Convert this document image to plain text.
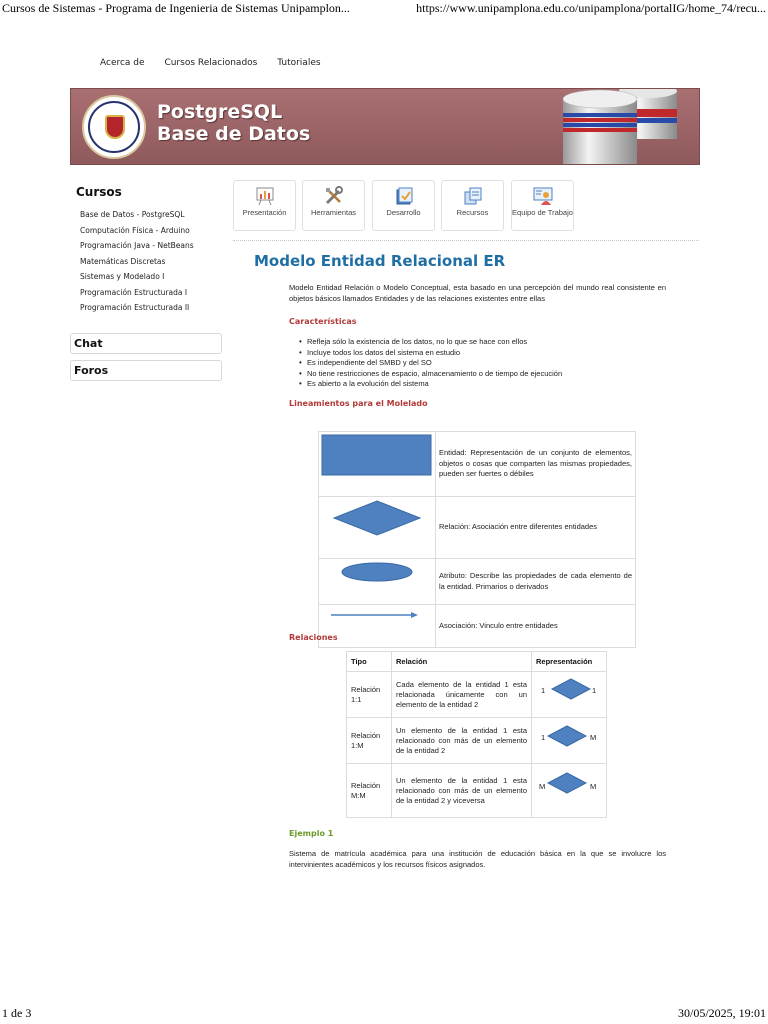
Cursos de Sistemas - Programa de Ingenieria de Sistemas Unipamplon...	https://www.unipamplona.edu.co/unipamplona/portalIG/home_74/recu...
Acerca de Cursos Relacionados Tutoriales
PostgreSQL
Base de Datos
Cursos
Base de Datos - PostgreSQL
Computación Física - Arduino
Programación Java - NetBeans
Matemáticas Discretas
Sistemas y Modelado I
Programación Estructurada I
Programación Estructurada II
Chat
Foros
Presentación	Herramientas	Desarrollo	Recursos	Equipo de Trabajo
Modelo Entidad Relacional ER
Modelo Entidad Relación o Modelo Conceptual, esta basado en una percepción del mundo real consistente en objetos básicos llamados Entidades y de las relaciones existentes entre ellas
Características
• Refleja sólo la existencia de los datos, no lo que se hace con ellos
• Incluye todos los datos del sistema en estudio
• Es independiente del SMBD y del SO
• No tiene restricciones de espacio, almacenamiento o de tiempo de ejecución
• Es abierto a la evolución del sistema
Lineamientos para el Molelado
	Entidad: Representación de un conjunto de elementos, objetos o cosas que comparten las mismas propiedades, pueden ser fuertes o débiles
	Relación: Asociación entre diferentes entidades
	Atributo: Describe las propiedades de cada elemento de la entidad. Primarios o derivados
	Asociación: Vinculo entre entidades
Relaciones
Tipo	Relación	Representación
Relación 1:1	Cada elemento de la entidad 1 esta relacionada únicamente con un elemento de la entidad 2	1 1

Relación 1:M	Un elemento de la entidad 1 esta relacionado con más de un elemento de la entidad 2	1 M

Relación M:M	Un elemento de la entidad 1 esta relacionado con más de un elemento de la entidad 2 y viceversa	M M
Ejemplo 1
Sistema de matrícula académica para una institución de educación básica en la que se involucre los intervinientes académicos y los recursos físicos asignados.
1 de 3	30/05/2025, 19:01
